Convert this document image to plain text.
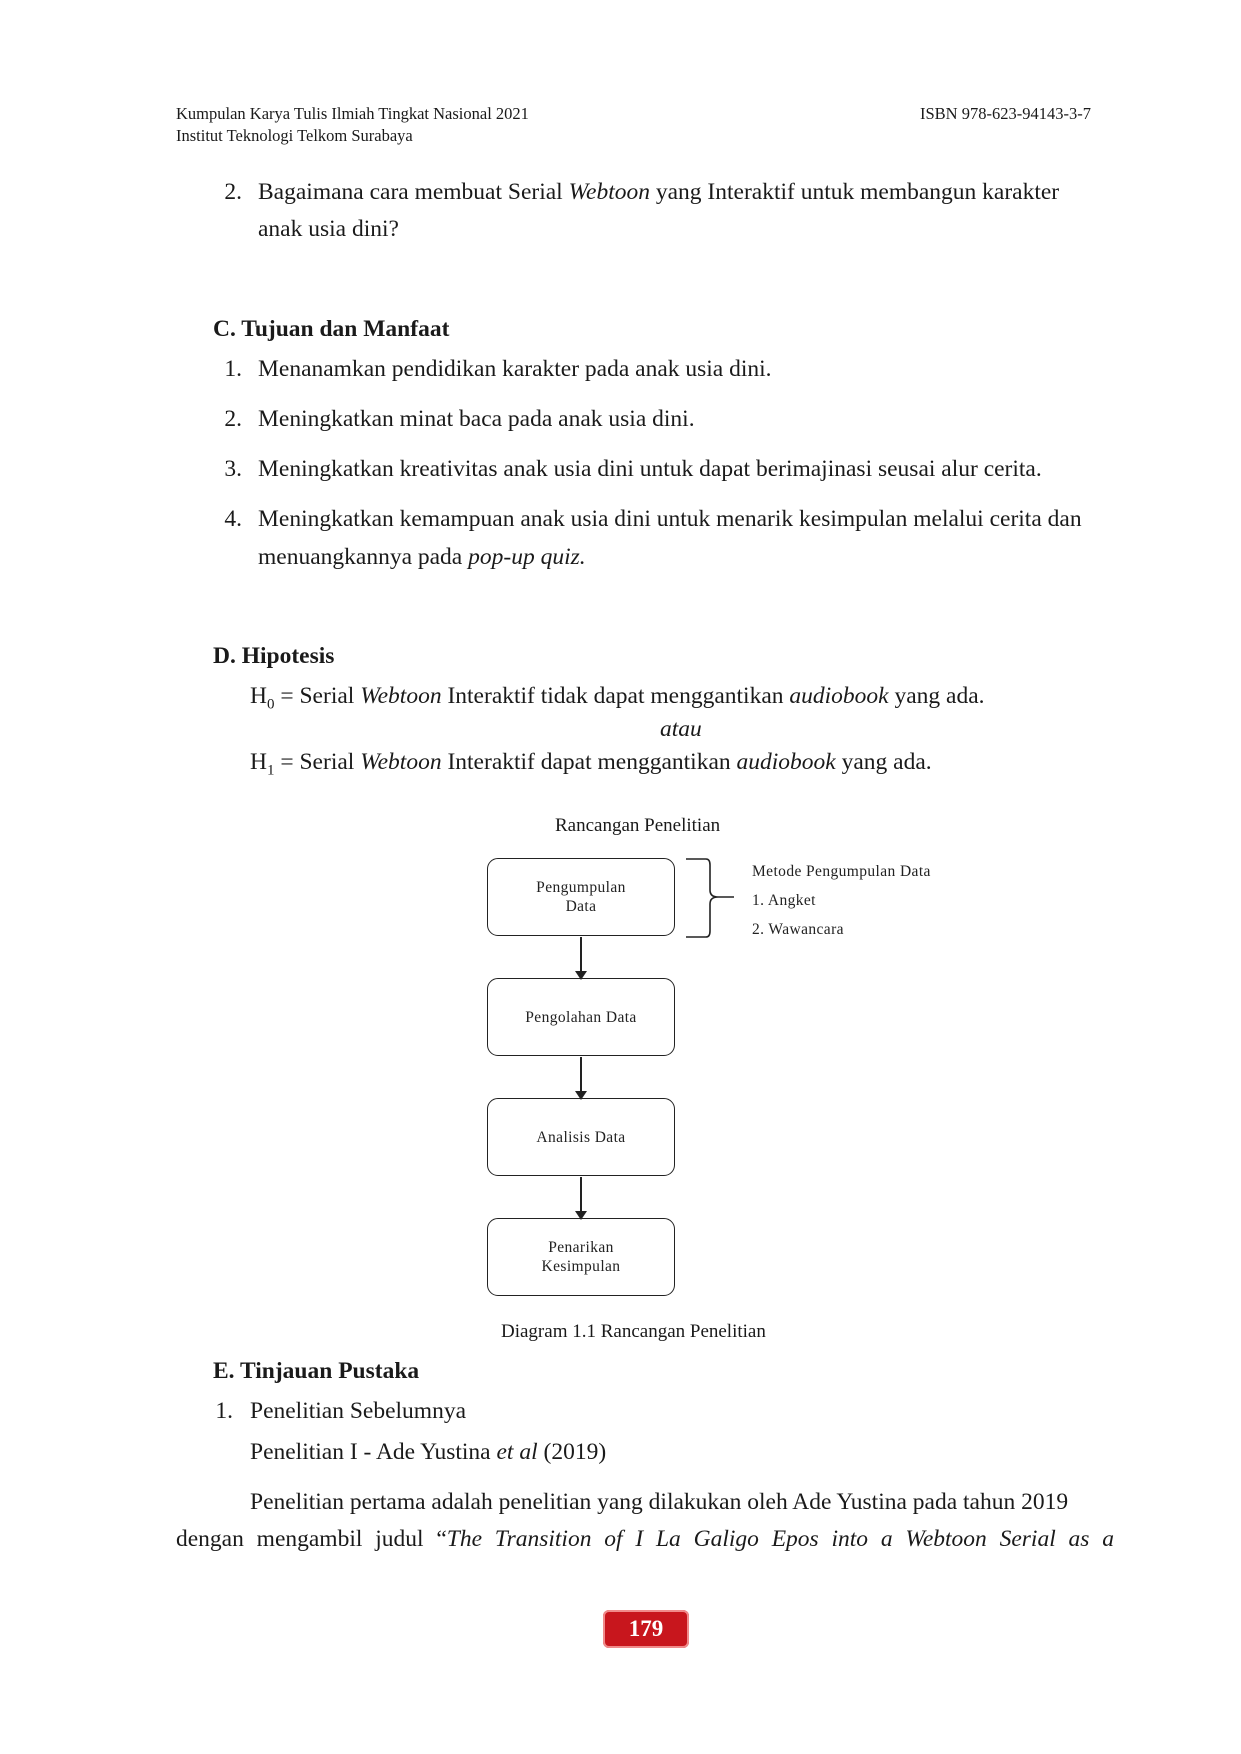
Kumpulan Karya Tulis Ilmiah Tingkat Nasional 2021
Institut Teknologi Telkom Surabaya
ISBN 978-623-94143-3-7
2. Bagaimana cara membuat Serial Webtoon yang Interaktif untuk membangun karakter
anak usia dini?
C. Tujuan dan Manfaat
1. Menanamkan pendidikan karakter pada anak usia dini.
2. Meningkatkan minat baca pada anak usia dini.
3. Meningkatkan kreativitas anak usia dini untuk dapat berimajinasi seusai alur cerita.
4. Meningkatkan kemampuan anak usia dini untuk menarik kesimpulan melalui cerita dan
menuangkannya pada pop-up quiz.
D. Hipotesis
$H_0$ = Serial Webtoon Interaktif tidak dapat menggantikan audiobook yang ada.
atau
$H_1$ = Serial Webtoon Interaktif dapat menggantikan audiobook yang ada.
Rancangan Penelitian
Pengumpulan
Data
Pengolahan Data
Analisis Data
Penarikan
Kesimpulan
Metode Pengumpulan Data
1. Angket
2. Wawancara
Diagram 1.1 Rancangan Penelitian
E. Tinjauan Pustaka
1. Penelitian Sebelumnya
Penelitian I - Ade Yustina et al (2019)
Penelitian pertama adalah penelitian yang dilakukan oleh Ade Yustina pada tahun 2019
dengan mengambil judul “The Transition of I La Galigo Epos into a Webtoon Serial as a
179
